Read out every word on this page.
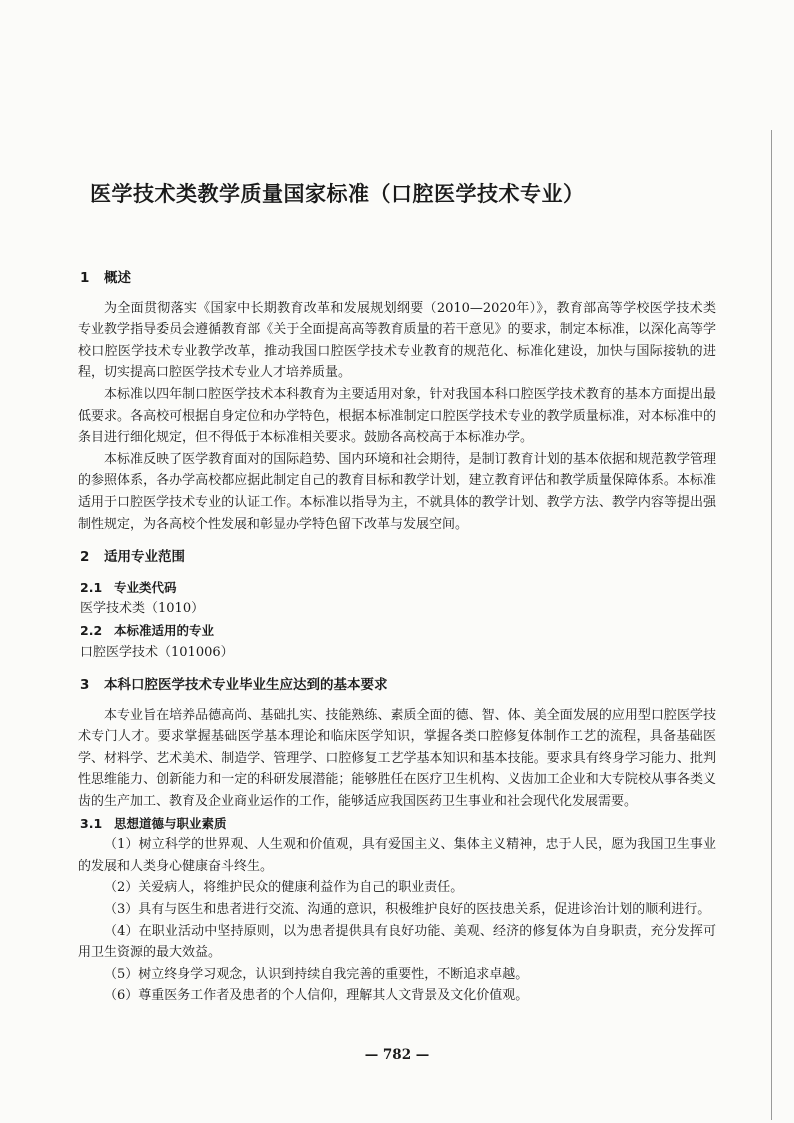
医学技术类教学质量国家标准（口腔医学技术专业）
1 概述

为全面贯彻落实《国家中长期教育改革和发展规划纲要（2010—2020年）》，教育部高等学校医学技术类专业教学指导委员会遵循教育部《关于全面提高高等教育质量的若干意见》的要求，制定本标准，以深化高等学校口腔医学技术专业教学改革，推动我国口腔医学技术专业教育的规范化、标准化建设，加快与国际接轨的进程，切实提高口腔医学技术专业人才培养质量。

本标准以四年制口腔医学技术本科教育为主要适用对象，针对我国本科口腔医学技术教育的基本方面提出最低要求。各高校可根据自身定位和办学特色，根据本标准制定口腔医学技术专业的教学质量标准，对本标准中的条目进行细化规定，但不得低于本标准相关要求。鼓励各高校高于本标准办学。

本标准反映了医学教育面对的国际趋势、国内环境和社会期待，是制订教育计划的基本依据和规范教学管理的参照体系，各办学高校都应据此制定自己的教育目标和教学计划，建立教育评估和教学质量保障体系。本标准适用于口腔医学技术专业的认证工作。本标准以指导为主，不就具体的教学计划、教学方法、教学内容等提出强制性规定，为各高校个性发展和彰显办学特色留下改革与发展空间。

2 适用专业范围
2.1 专业类代码

医学技术类（1010）

2.2 本标准适用的专业

口腔医学技术（101006）

3 本科口腔医学技术专业毕业生应达到的基本要求

本专业旨在培养品德高尚、基础扎实、技能熟练、素质全面的德、智、体、美全面发展的应用型口腔医学技术专门人才。要求掌握基础医学基本理论和临床医学知识，掌握各类口腔修复体制作工艺的流程，具备基础医学、材料学、艺术美术、制造学、管理学、口腔修复工艺学基本知识和基本技能。要求具有终身学习能力、批判性思维能力、创新能力和一定的科研发展潜能；能够胜任在医疗卫生机构、义齿加工企业和大专院校从事各类义齿的生产加工、教育及企业商业运作的工作，能够适应我国医药卫生事业和社会现代化发展需要。

3.1 思想道德与职业素质

（1）树立科学的世界观、人生观和价值观，具有爱国主义、集体主义精神，忠于人民，愿为我国卫生事业的发展和人类身心健康奋斗终生。

（2）关爱病人，将维护民众的健康利益作为自己的职业责任。

（3）具有与医生和患者进行交流、沟通的意识，积极维护良好的医技患关系，促进诊治计划的顺利进行。

（4）在职业活动中坚持原则，以为患者提供具有良好功能、美观、经济的修复体为自身职责，充分发挥可用卫生资源的最大效益。

（5）树立终身学习观念，认识到持续自我完善的重要性，不断追求卓越。

（6）尊重医务工作者及患者的个人信仰，理解其人文背景及文化价值观。

— 782 —
